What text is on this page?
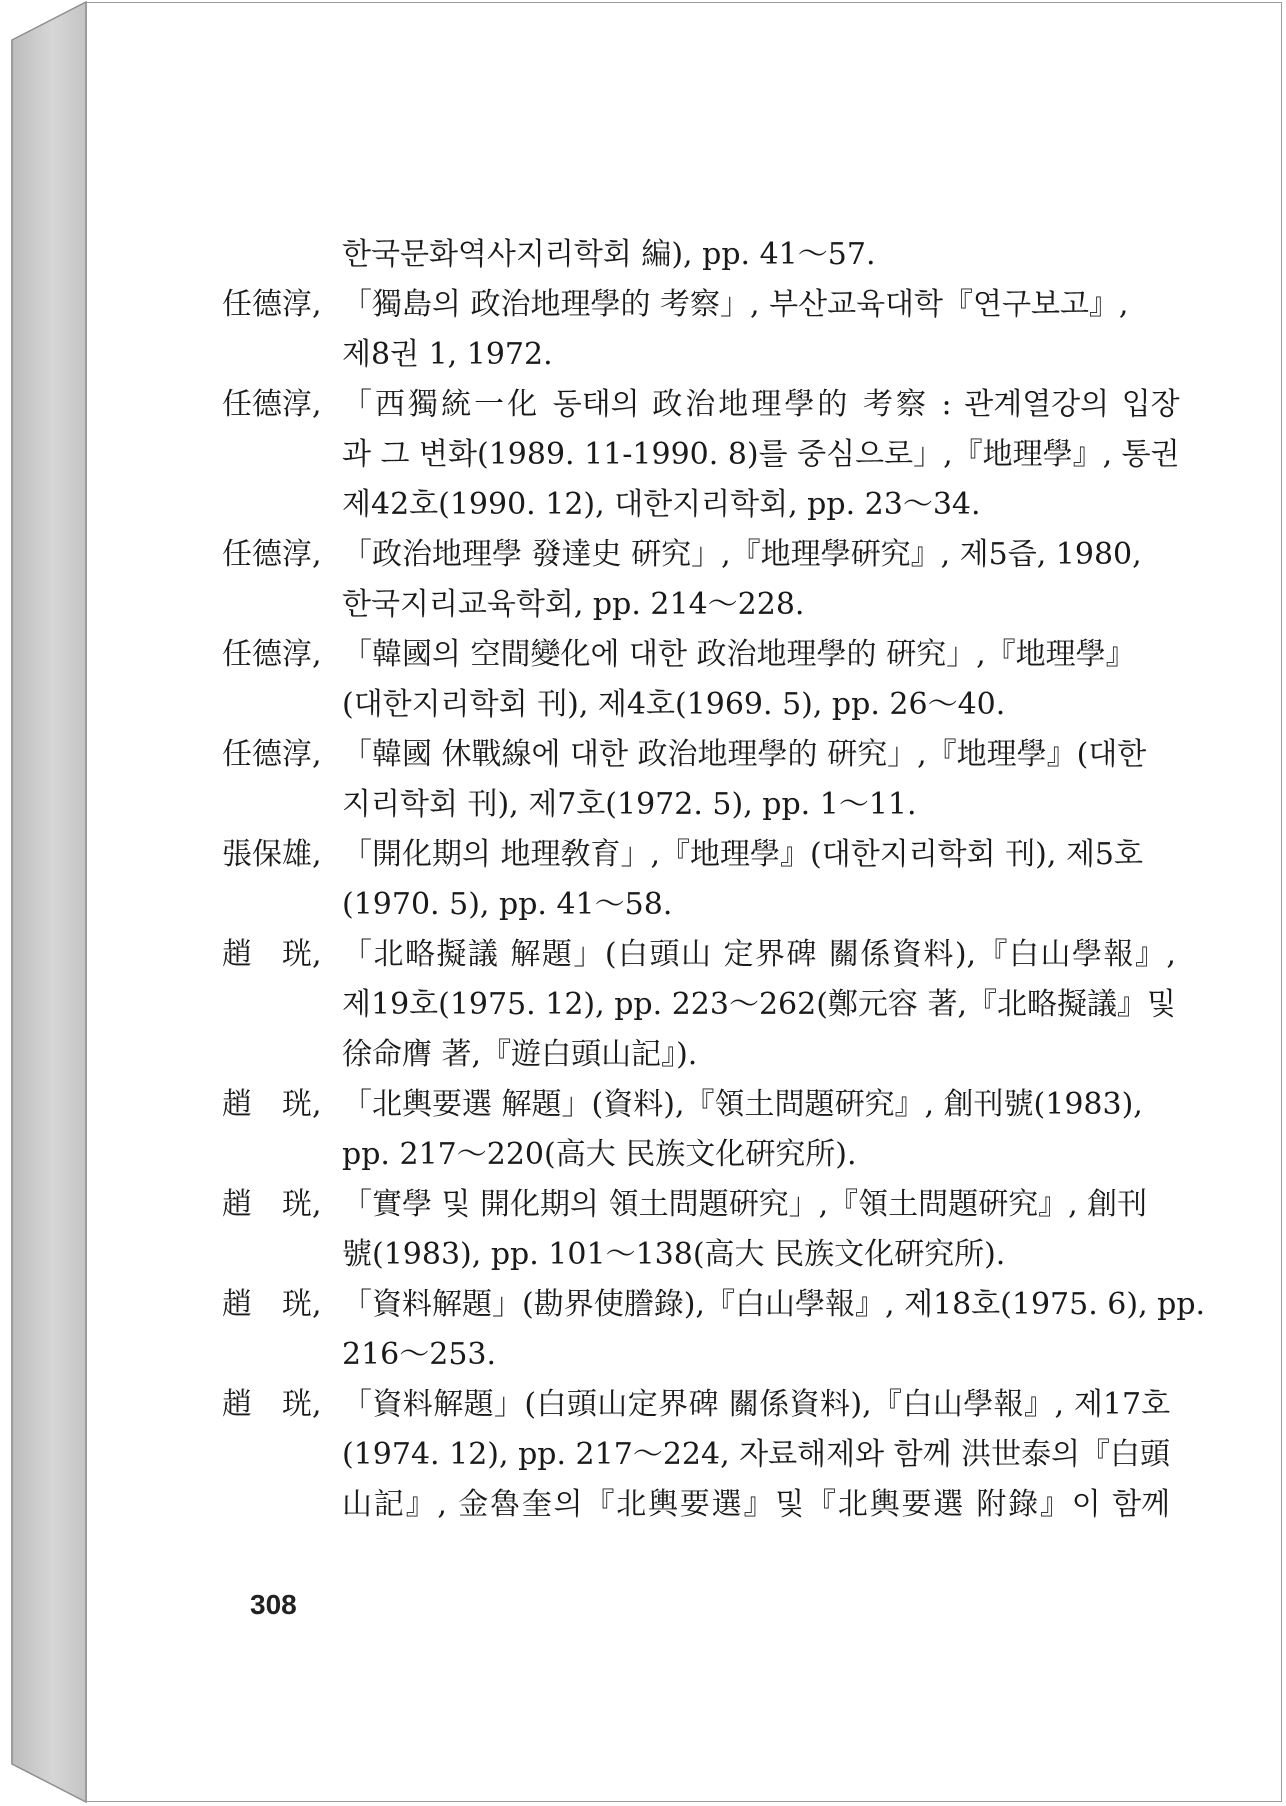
한국문화역사지리학회 編), pp. 41～57.
任德淳, 「獨島의 政治地理學的 考察」, 부산교육대학『연구보고』,
제8권 1, 1972.
任德淳, 「西獨統一化 동태의 政治地理學的 考察 : 관계열강의 입장
과 그 변화(1989. 11-1990. 8)를 중심으로」,『地理學』, 통권
제42호(1990. 12), 대한지리학회, pp. 23～34.
任德淳, 「政治地理學 發達史 硏究」,『地理學硏究』, 제5즙, 1980,
한국지리교육학회, pp. 214～228.
任德淳, 「韓國의 空間變化에 대한 政治地理學的 硏究」,『地理學』
(대한지리학회 刊), 제4호(1969. 5), pp. 26～40.
任德淳, 「韓國 休戰線에 대한 政治地理學的 硏究」,『地理學』(대한
지리학회 刊), 제7호(1972. 5), pp. 1～11.
張保雄, 「開化期의 地理敎育」,『地理學』(대한지리학회 刊), 제5호
(1970. 5), pp. 41～58.
趙　珖, 「北略擬議 解題」(白頭山 定界碑 關係資料),『白山學報』,
제19호(1975. 12), pp. 223～262(鄭元容 著,『北略擬議』및
徐命膺 著,『遊白頭山記』).
趙　珖, 「北輿要選 解題」(資料),『領土問題硏究』, 創刊號(1983),
pp. 217～220(高大 民族文化硏究所).
趙　珖, 「實學 및 開化期의 領土問題硏究」,『領土問題硏究』, 創刊
號(1983), pp. 101～138(高大 民族文化硏究所).
趙　珖, 「資料解題」(勘界使謄錄),『白山學報』, 제18호(1975. 6), pp.
216～253.
趙　珖, 「資料解題」(白頭山定界碑 關係資料),『白山學報』, 제17호
(1974. 12), pp. 217～224, 자료해제와 함께 洪世泰의『白頭
山記』, 金魯奎의『北輿要選』및『北輿要選 附錄』이 함께
308
